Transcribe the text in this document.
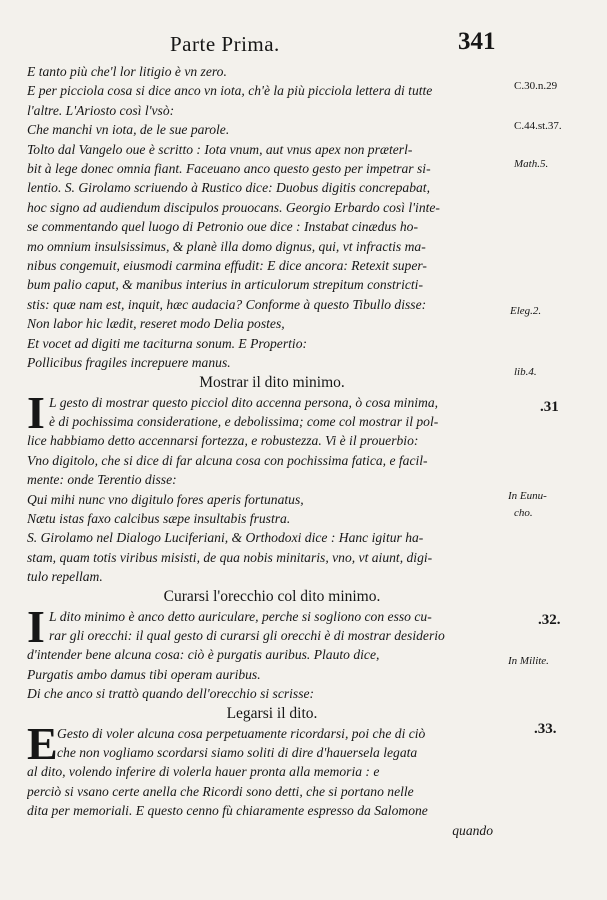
Parte Prima.	341
E tanto più che'l lor litigio è vn zero.
E per picciola cosa si dice anco vn iota, ch'è la più picciola lettera di tutte
l'altre. L'Ariosto così l'vsò:
Che manchi vn iota, de le sue parole.
Tolto dal Vangelo oue è scritto : Iota vnum, aut vnus apex non præterl-
bit à lege donec omnia fiant. Faceuano anco questo gesto per impetrar si-
lentio. S. Girolamo scriuendo à Rustico dice: Duobus digitis concrepabat,
hoc signo ad audiendum discipulos prouocans. Georgio Erbardo così l'inte-
se commentando quel luogo di Petronio oue dice : Instabat cinædus ho-
mo omnium insulsissimus, & planè illa domo dignus, qui, vt infractis ma-
nibus congemuit, eiusmodi carmina effudit: E dice ancora: Retexit super-
bum palio caput, & manibus interius in articulorum strepitum constricti-
stis: quæ nam est, inquit, hæc audacia? Conforme à questo Tibullo disse:
Non labor hic lædit, reseret modo Delia postes,
Et vocet ad digiti me taciturna sonum. E Propertio:
Pollicibus fragiles increpuere manus.
Mostrar il dito minimo.
I L gesto di mostrar questo picciol dito accenna persona, ò cosa minima,
è di pochissima consideratione, e debolissima; come col mostrar il pol-
lice habbiamo detto accennarsi fortezza, e robustezza. Vi è il prouerbio:
Vno digitolo, che si dice di far alcuna cosa con pochissima fatica, e facil-
mente: onde Terentio disse:
Qui mihi nunc vno digitulo fores aperis fortunatus,
Nætu istas faxo calcibus sæpe insultabis frustra.
S. Girolamo nel Dialogo Luciferiani, & Orthodoxi dice : Hanc igitur ha-
stam, quam totis viribus misisti, de qua nobis minitaris, vno, vt aiunt, digi-
tulo repellam.
Curarsi l'orecchio col dito minimo.
I L dito minimo è anco detto auriculare, perche si sogliono con esso cu-
rar gli orecchi: il qual gesto di curarsi gli orecchi è di mostrar desiderio
d'intender bene alcuna cosa: ciò è purgatis auribus. Plauto dice,
Purgatis ambo damus tibi operam auribus.
Di che anco si trattò quando dell'orecchio si scrisse:
Legarsi il dito.
E Gesto di voler alcuna cosa perpetuamente ricordarsi, poi che di ciò
che non vogliamo scordarsi siamo soliti di dire d'hauersela legata
al dito, volendo inferire di volerla hauer pronta alla memoria : e
perciò si vsano certe anella che Ricordi sono detti, che si portano nelle
dita per memoriali. E questo cenno fù chiaramente espresso da Salomone
quando
C.30.n.29
C.44.st.37.
Math.5.
Eleg.2.
lib.4.
.31
In Eunu-
cho.
.32.
In Milite.
.33.
